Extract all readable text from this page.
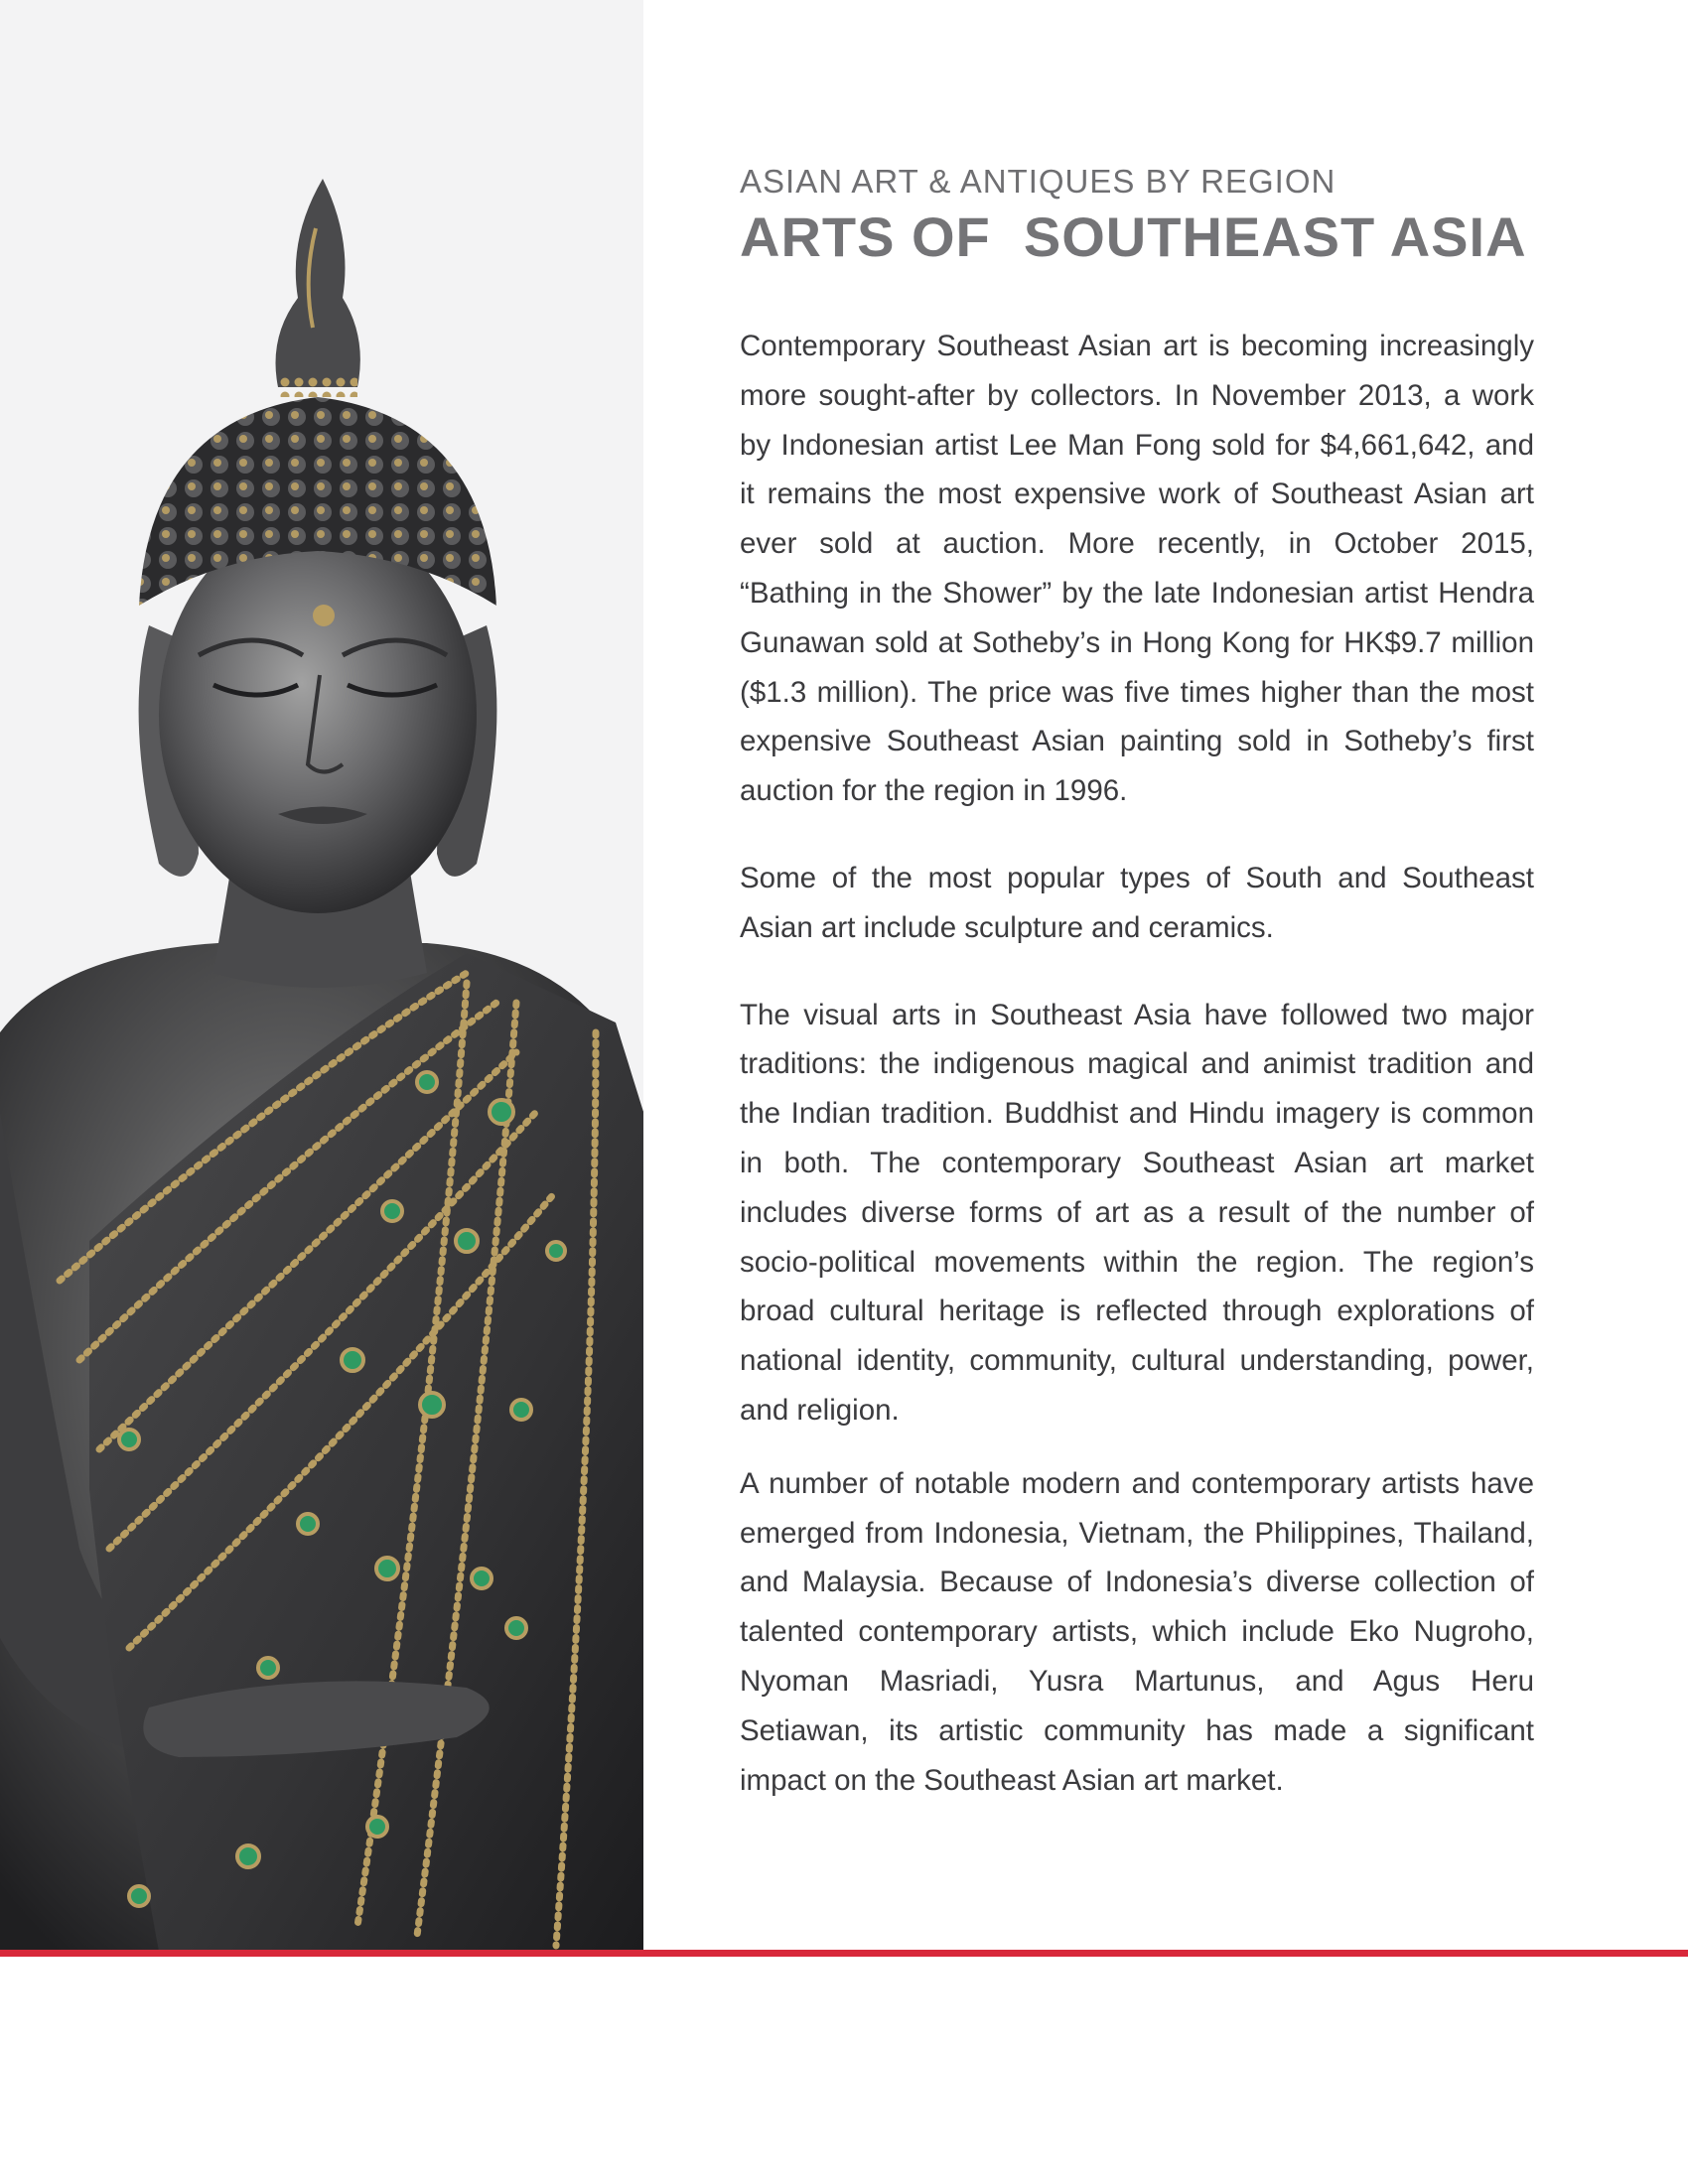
ASIAN ART & ANTIQUES BY REGION
ARTS OF  SOUTHEAST ASIA

Contemporary Southeast Asian art is becoming increasingly more sought-after by collectors. In November 2013, a work by Indonesian artist Lee Man Fong sold for $4,661,642, and it remains the most expensive work of Southeast Asian art ever sold at auction. More recently, in October 2015, “Bathing in the Shower” by the late Indonesian artist Hendra Gunawan sold at Sotheby’s in Hong Kong for HK$9.7 million ($1.3 million). The price was five times higher than the most expensive Southeast Asian painting sold in Sotheby’s first auction for the region in 1996.

Some of the most popular types of South and Southeast Asian art include sculpture and ceramics.

The visual arts in Southeast Asia have followed two major traditions: the indigenous magical and animist tradition and the Indian tradition. Buddhist and Hindu imagery is common in both. The contemporary Southeast Asian art market includes diverse forms of art as a result of the number of socio-political movements within the region. The region’s broad cultural heritage is reflected through explorations of national identity, community, cultural understanding, power, and religion.

A number of notable modern and contemporary artists have emerged from Indonesia, Vietnam, the Philippines, Thailand, and Malaysia. Because of Indonesia’s diverse collection of talented contemporary artists, which include Eko Nugroho, Nyoman Masriadi, Yusra Martunus, and Agus Heru Setiawan, its artistic community has made a significant impact on the Southeast Asian art market.
